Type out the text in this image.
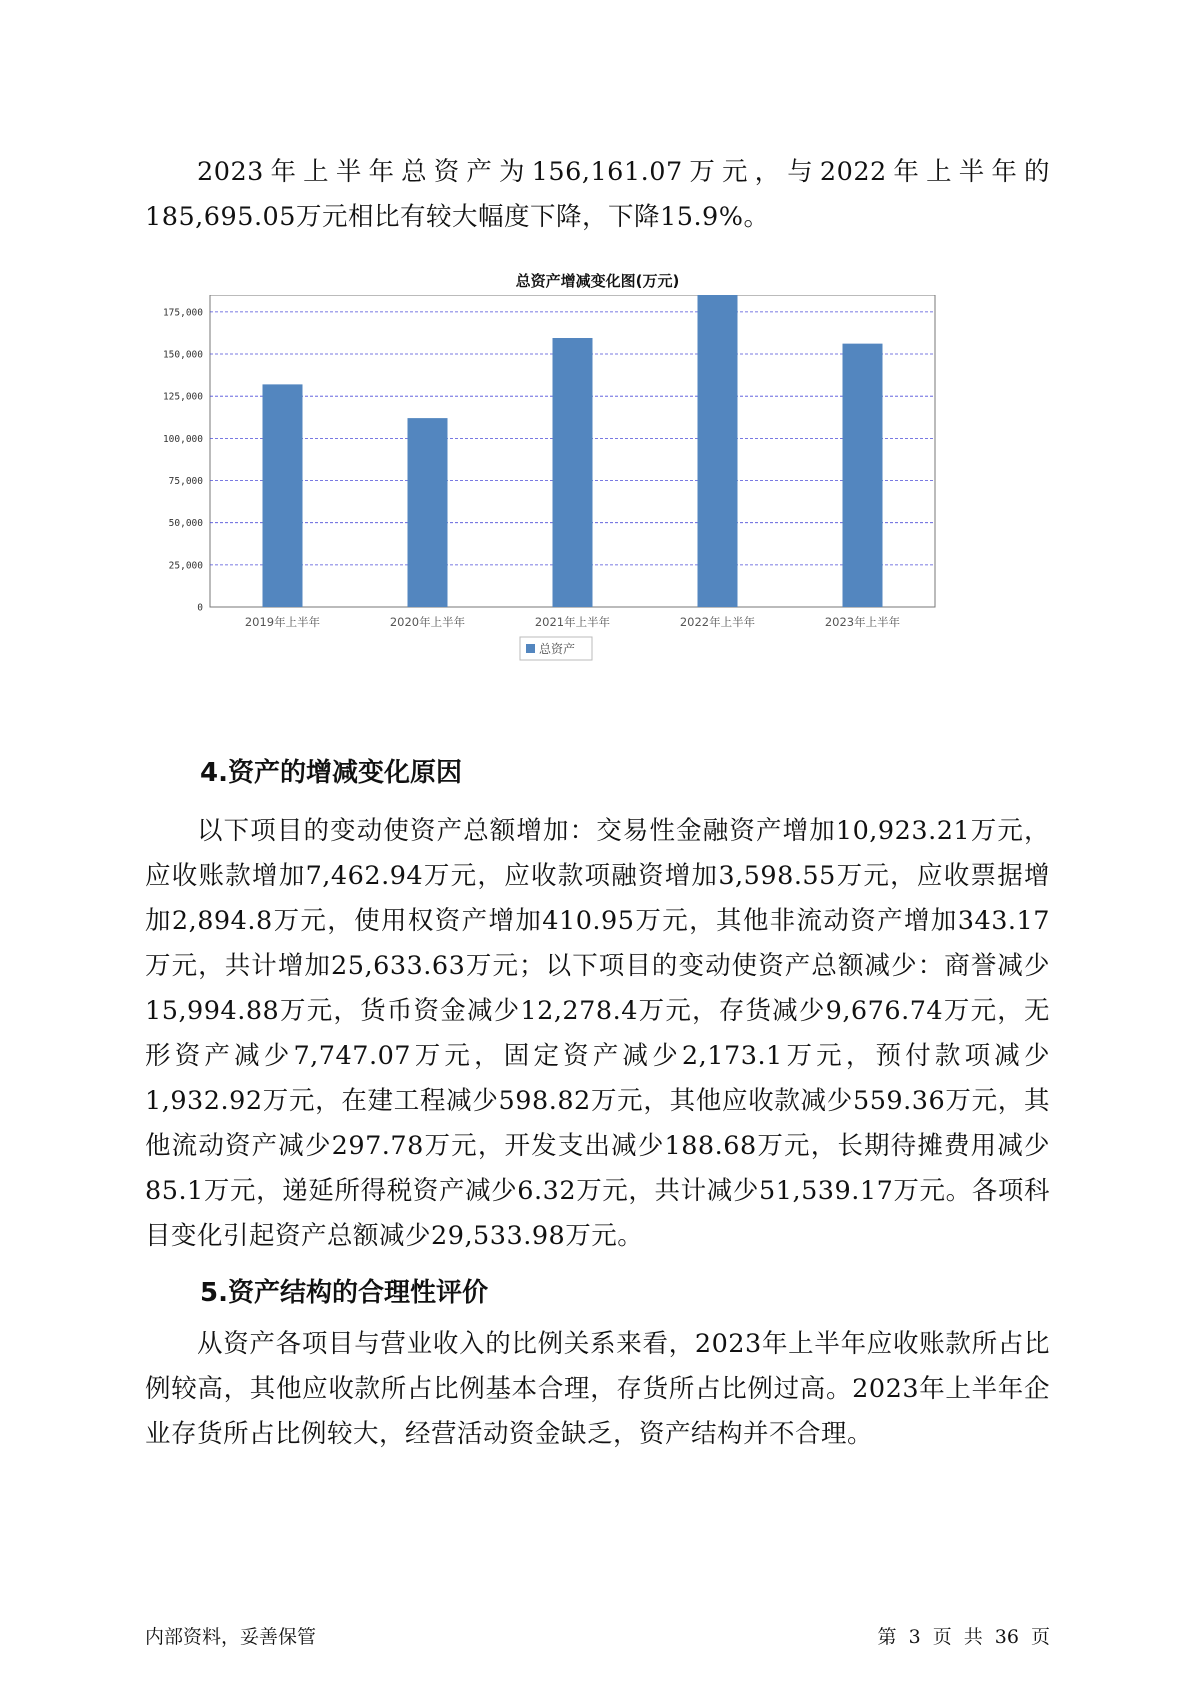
2023年上半年总资产为156,161.07万元，与2022年上半年的185,695.05万元相比有较大幅度下降，下降15.9%。

总资产增减变化图(万元)
0
25,000
50,000
75,000
100,000
125,000
150,000
175,000
2019年上半年	2020年上半年	2021年上半年	2022年上半年	2023年上半年
总资产
4.资产的增减变化原因

以下项目的变动使资产总额增加：交易性金融资产增加10,923.21万元，应收账款增加7,462.94万元，应收款项融资增加3,598.55万元，应收票据增加2,894.8万元，使用权资产增加410.95万元，其他非流动资产增加343.17万元，共计增加25,633.63万元；以下项目的变动使资产总额减少：商誉减少15,994.88万元，货币资金减少12,278.4万元，存货减少9,676.74万元，无形资产减少7,747.07万元，固定资产减少2,173.1万元，预付款项减少1,932.92万元，在建工程减少598.82万元，其他应收款减少559.36万元，其他流动资产减少297.78万元，开发支出减少188.68万元，长期待摊费用减少85.1万元，递延所得税资产减少6.32万元，共计减少51,539.17万元。各项科目变化引起资产总额减少29,533.98万元。

5.资产结构的合理性评价

从资产各项目与营业收入的比例关系来看，2023年上半年应收账款所占比例较高，其他应收款所占比例基本合理，存货所占比例过高。2023年上半年企业存货所占比例较大，经营活动资金缺乏，资产结构并不合理。

内部资料，妥善保管	第 3 页 共 36 页
